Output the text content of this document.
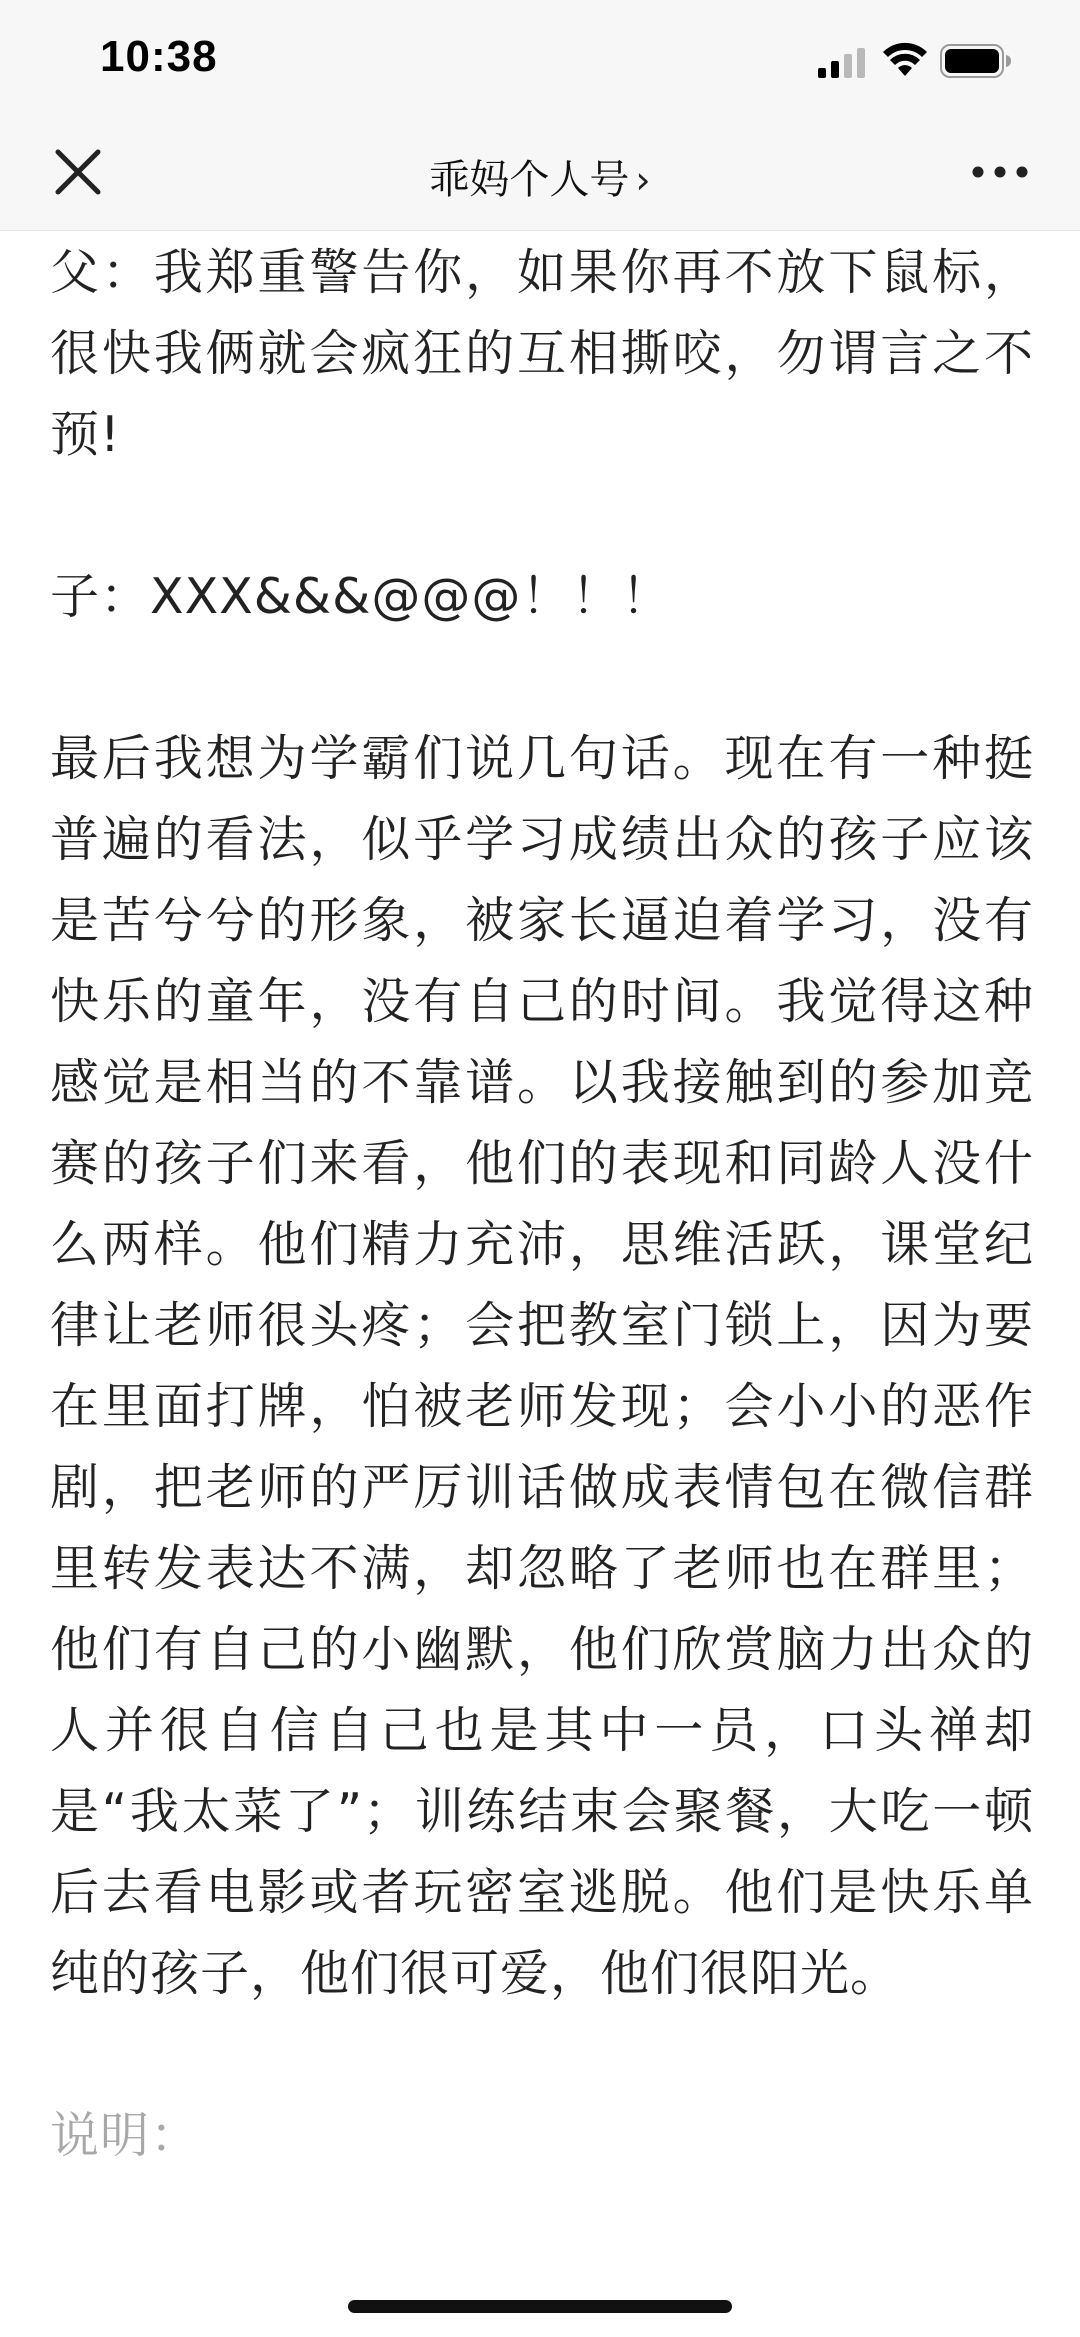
10:38
乖妈个人号 ›

父：我郑重警告你，如果你再不放下鼠标，很快我俩就会疯狂的互相撕咬，勿谓言之不预!

子：XXX&&&@@@！！！

最后我想为学霸们说几句话。现在有一种挺普遍的看法，似乎学习成绩出众的孩子应该是苦兮兮的形象，被家长逼迫着学习，没有快乐的童年，没有自己的时间。我觉得这种感觉是相当的不靠谱。以我接触到的参加竞赛的孩子们来看，他们的表现和同龄人没什么两样。他们精力充沛，思维活跃，课堂纪律让老师很头疼；会把教室门锁上，因为要在里面打牌，怕被老师发现；会小小的恶作剧，把老师的严厉训话做成表情包在微信群里转发表达不满，却忽略了老师也在群里；他们有自己的小幽默，他们欣赏脑力出众的人并很自信自己也是其中一员，口头禅却是“我太菜了”；训练结束会聚餐，大吃一顿后去看电影或者玩密室逃脱。他们是快乐单纯的孩子，他们很可爱，他们很阳光。

说明：
